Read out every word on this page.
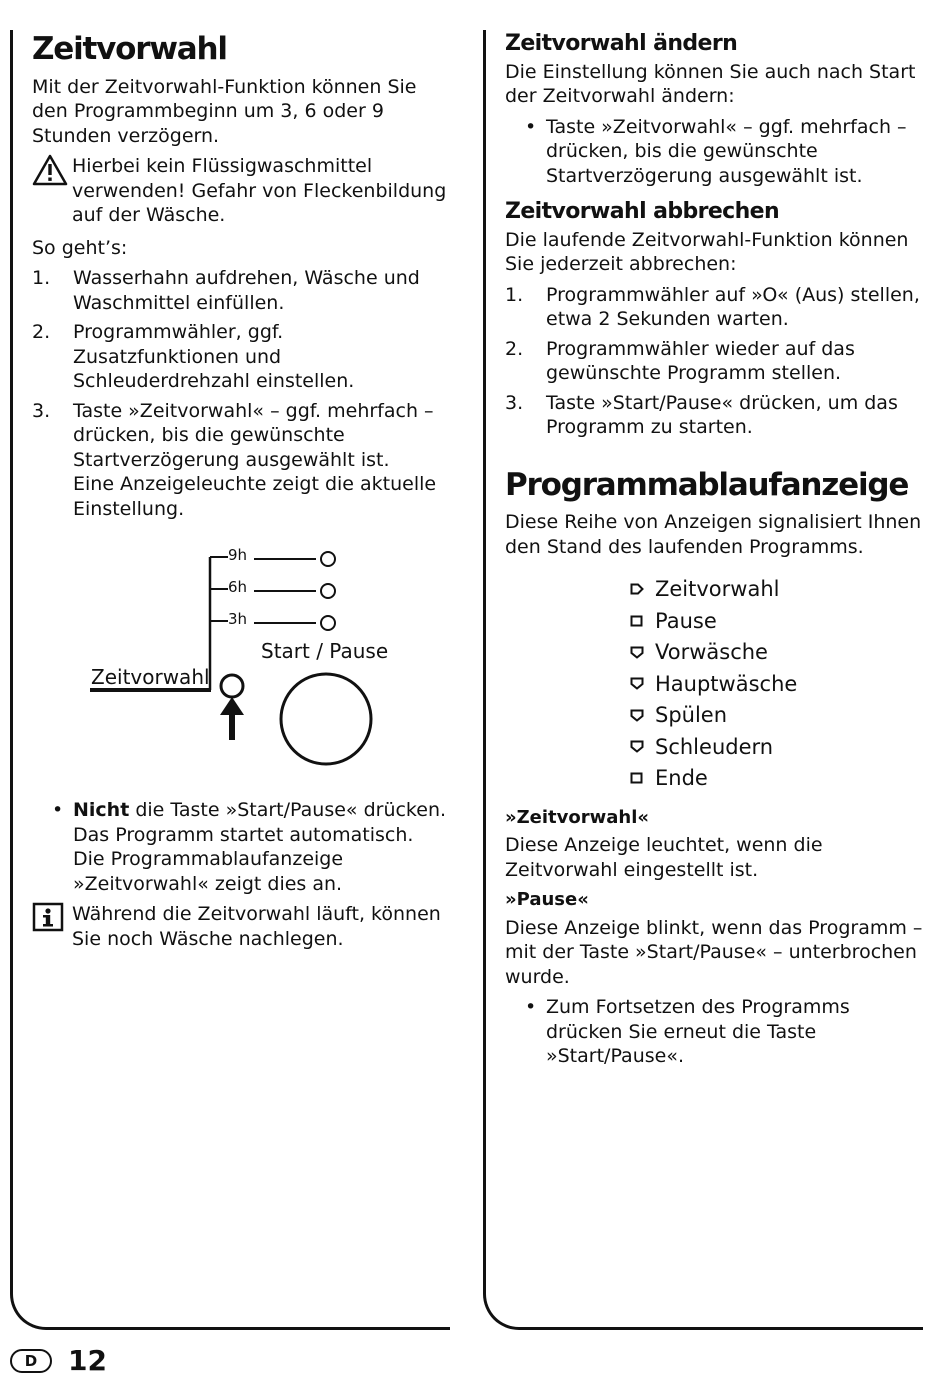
Zeitvorwahl

Mit der Zeitvorwahl-Funktion können Sie den Programmbeginn um 3, 6 oder 9 Stunden verzögern.

Hierbei kein Flüssigwaschmittel verwenden! Gefahr von Fleckenbildung auf der Wäsche.

So geht’s:

1.	Wasserhahn aufdrehen, Wäsche und Waschmittel einfüllen.
2.	Programmwähler, ggf. Zusatzfunktionen und Schleuderdrehzahl einstellen.
3.	Taste »Zeitvorwahl« – ggf. mehrfach – drücken, bis die gewünschte Startverzögerung ausgewählt ist.
Eine Anzeigeleuchte zeigt die aktuelle Einstellung.
9h
6h
3h
Start / Pause
Zeitvorwahl
• Nicht die Taste »Start/Pause« drücken. Das Programm startet automatisch. Die Programmablaufanzeige »Zeitvorwahl« zeigt dies an.

Während die Zeitvorwahl läuft, können Sie noch Wäsche nachlegen.

Zeitvorwahl ändern

Die Einstellung können Sie auch nach Start der Zeitvorwahl ändern:

• Taste »Zeitvorwahl« – ggf. mehrfach – drücken, bis die gewünschte Startverzögerung ausgewählt ist.
Zeitvorwahl abbrechen

Die laufende Zeitvorwahl-Funktion können Sie jederzeit abbrechen:

1.	Programmwähler auf »O« (Aus) stellen, etwa 2 Sekunden warten.
2.	Programmwähler wieder auf das gewünschte Programm stellen.
3.	Taste »Start/Pause« drücken, um das Programm zu starten.
Programmablaufanzeige

Diese Reihe von Anzeigen signalisiert Ihnen den Stand des laufenden Programms.

Zeitvorwahl
Pause
Vorwäsche
Hauptwäsche
Spülen
Schleudern
Ende
»Zeitvorwahl«

Diese Anzeige leuchtet, wenn die Zeitvorwahl eingestellt ist.

»Pause«

Diese Anzeige blinkt, wenn das Programm – mit der Taste »Start/Pause« – unterbrochen wurde.

• Zum Fortsetzen des Programms drücken Sie erneut die Taste »Start/Pause«.
D	12
